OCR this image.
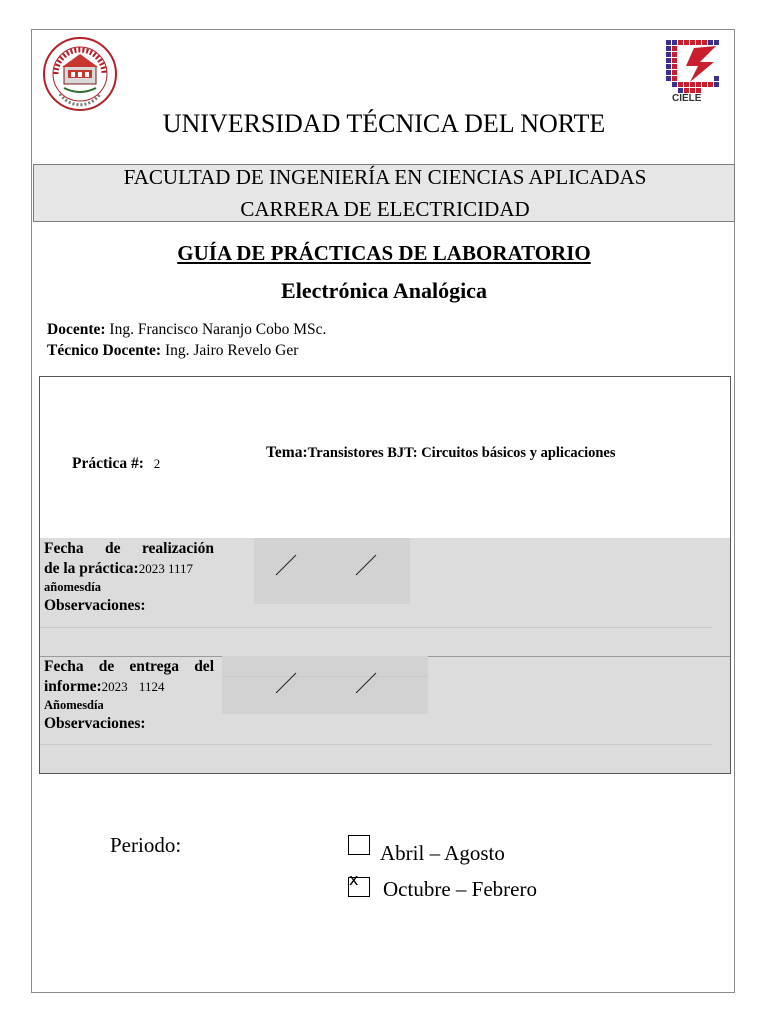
CIELE
UNIVERSIDAD TÉCNICA DEL NORTE
FACULTAD DE INGENIERÍA EN CIENCIAS APLICADAS
CARRERA DE ELECTRICIDAD
GUÍA DE PRÁCTICAS DE LABORATORIO
Electrónica Analógica
Docente: Ing. Francisco Naranjo Cobo MSc.
Técnico Docente: Ing. Jairo Revelo Ger
Práctica #: 2
Tema:Transistores BJT: Circuitos básicos y aplicaciones
Fecha de realización
de la práctica:2023 1117
añomesdía
Observaciones:
Fecha de entrega del
informe:2023 1124
Añomesdía
Observaciones:
Periodo:	Abril – Agosto
x Octubre – Febrero
